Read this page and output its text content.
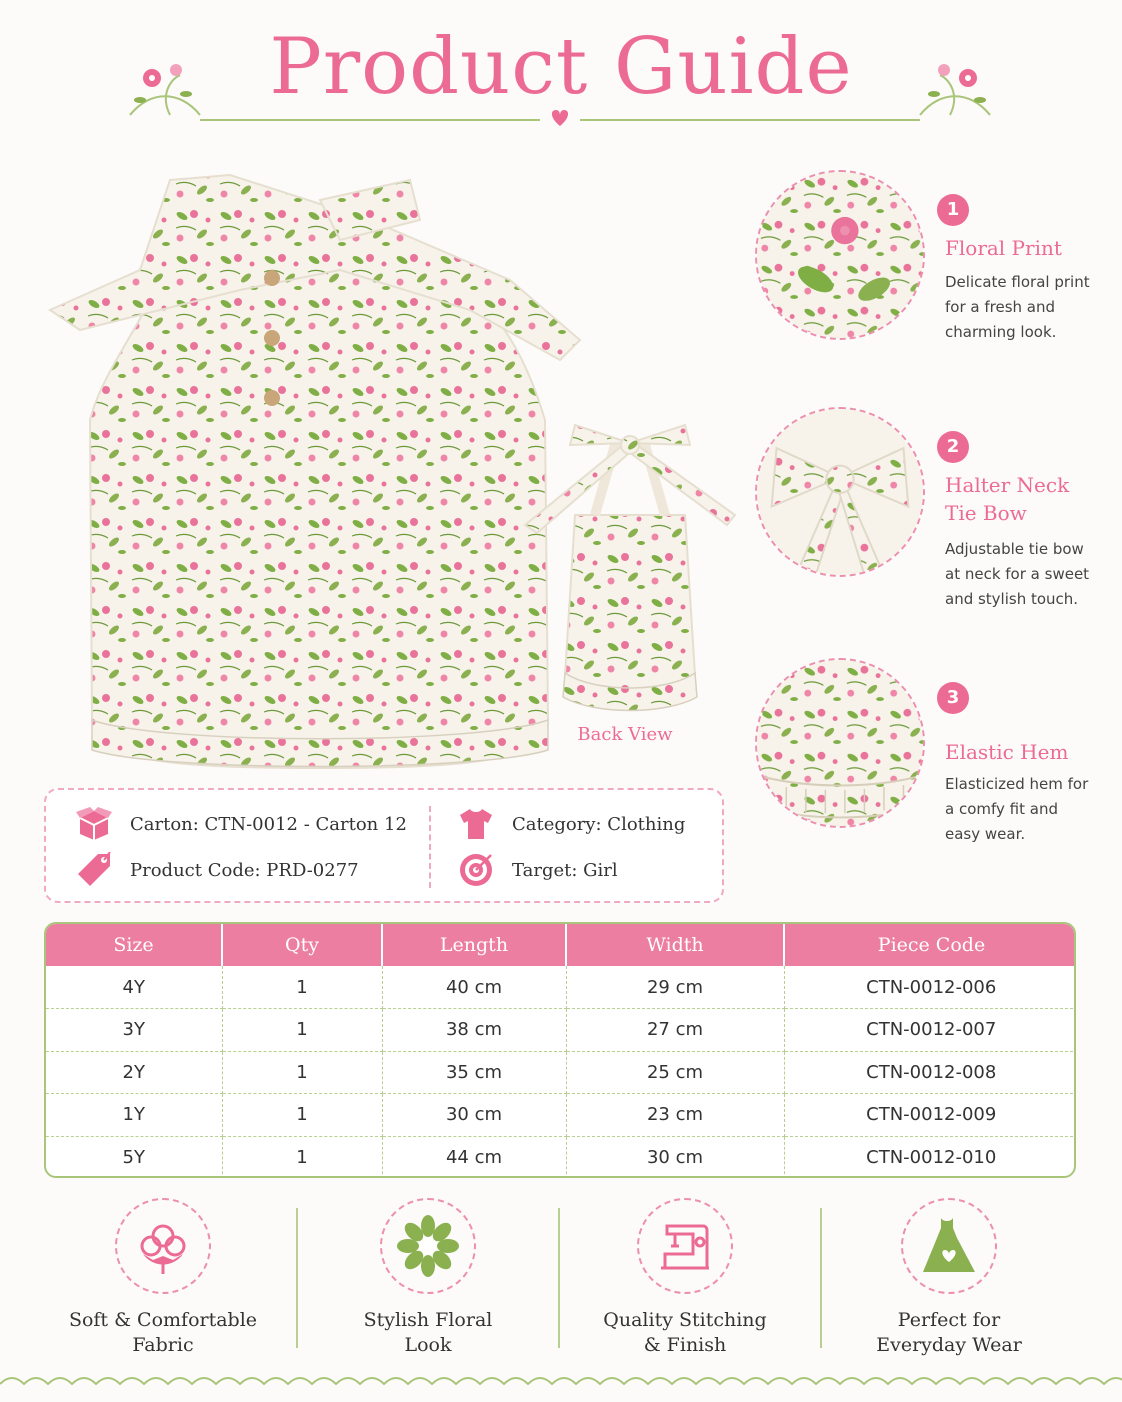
Product Guide
Back View
1
Floral Print
Delicate floral print
for a fresh and
charming look.
2
Halter Neck
Tie Bow
Adjustable tie bow
at neck for a sweet
and stylish touch.
3
Elastic Hem
Elasticized hem for
a comfy fit and
easy wear.
Carton: CTN-0012 - Carton 12
Product Code: PRD-0277
Category: Clothing
Target: Girl
Size	Qty	Length	Width	Piece Code
4Y	1	40 cm	29 cm	CTN-0012-006
3Y	1	38 cm	27 cm	CTN-0012-007
2Y	1	35 cm	25 cm	CTN-0012-008
1Y	1	30 cm	23 cm	CTN-0012-009
5Y	1	44 cm	30 cm	CTN-0012-010
Soft & Comfortable
Fabric
Stylish Floral
Look
Quality Stitching
& Finish
Perfect for
Everyday Wear
